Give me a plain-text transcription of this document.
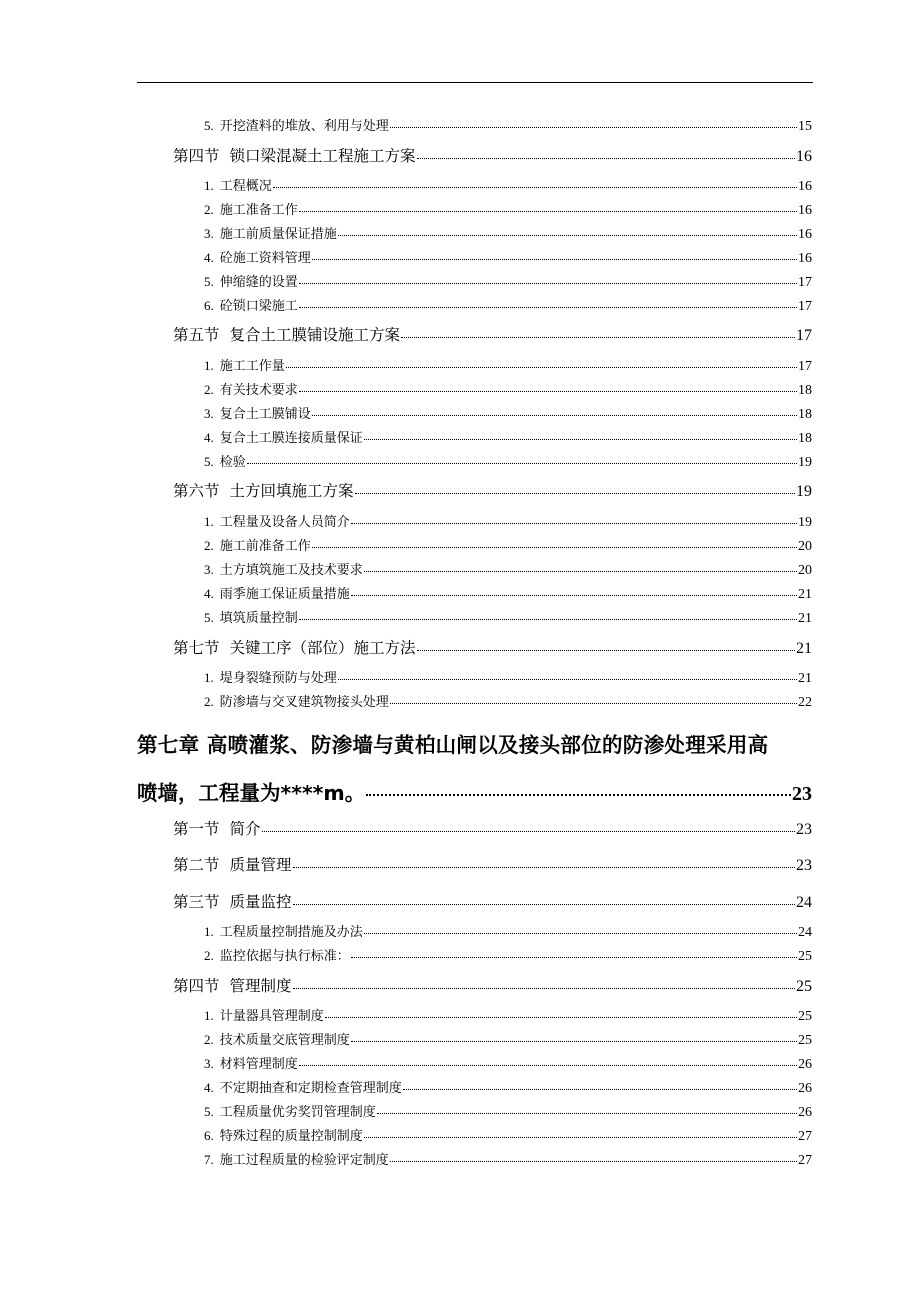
5. 开挖渣料的堆放、利用与处理	15
第四节 锁口梁混凝土工程施工方案	16
1. 工程概况	16
2. 施工准备工作	16
3. 施工前质量保证措施	16
4. 砼施工资料管理	16
5. 伸缩缝的设置	17
6. 砼锁口梁施工	17
第五节 复合土工膜铺设施工方案	17
1. 施工工作量	17
2. 有关技术要求	18
3. 复合土工膜铺设	18
4. 复合土工膜连接质量保证	18
5. 检验	19
第六节 土方回填施工方案	19
1. 工程量及设备人员简介	19
2. 施工前准备工作	20
3. 土方填筑施工及技术要求	20
4. 雨季施工保证质量措施	21
5. 填筑质量控制	21
第七节 关键工序（部位）施工方法	21
1. 堤身裂缝预防与处理	21
2. 防渗墙与交叉建筑物接头处理	22
第七章 高喷灌浆、防渗墙与黄柏山闸以及接头部位的防渗处理采用高
喷墙，工程量为****m。	23
第一节 简介	23
第二节 质量管理	23
第三节 质量监控	24
1. 工程质量控制措施及办法	24
2. 监控依据与执行标准：	25
第四节 管理制度	25
1. 计量器具管理制度	25
2. 技术质量交底管理制度	25
3. 材料管理制度	26
4. 不定期抽查和定期检查管理制度	26
5. 工程质量优劣奖罚管理制度	26
6. 特殊过程的质量控制制度	27
7. 施工过程质量的检验评定制度	27
